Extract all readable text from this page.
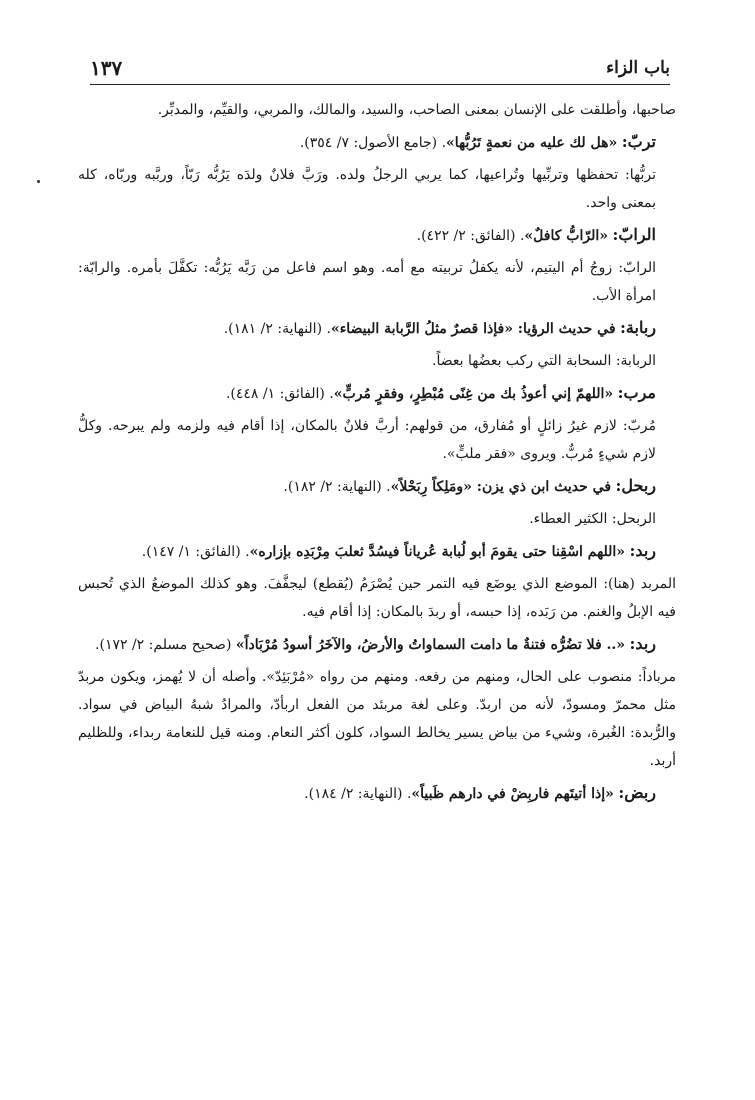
باب الزاء
١٣٧

صاحبها، وأطلقت على الإنسان بمعنى الصاحب، والسيد، والمالك، والمربي، والقيِّم، والمدبِّر.

تربّ: «هل لك عليه من نعمةٍ تَرُبُّها». (جامع الأصول: ٧/ ٣٥٤).

تربُّها: تحفظها وتربِّيها وتُراعيها، كما يربي الرجلُ ولده. ورَبَّ فلانٌ ولدَه يَرُبُّه رَبّاً، وربَّبه وربّاه، كله بمعنى واحد.

الرابّ: «الرّابُّ كافلٌ». (الفائق: ٢/ ٤٢٢).

الرابّ: زوجُ أم اليتيم، لأنه يكفلُ تربيته مع أمه. وهو اسم فاعل من رَبَّه يَرُبُّه: تكفَّلَ بأمره. والرابّة: امرأة الأب.

ربابة: في حديث الرؤيا: «فإذا قصرٌ مثلُ الرَّبابة البيضاء». (النهاية: ٢/ ١٨١).

الربابة: السحابة التي ركب بعضُها بعضاً.

مرب: «اللهمّ إني أعوذُ بك من غِنًى مُبْطِرٍ، وفقرٍ مُربٍّ». (الفائق: ١/ ٤٤٨).

مُربّ: لازم غيرُ زائلٍ أو مُفارق، من قولهم: أربَّ فلانٌ بالمكان، إذا أقام فيه ولزمه ولم يبرحه. وكلُّ لازم شيءٍ مُربٌّ. ويروى «فقر ملبٍّ».

ربحل: في حديث ابن ذي يزن: «ومَلِكاً رِبَحْلاً». (النهاية: ٢/ ١٨٢).

الربحل: الكثير العطاء.

ربد: «اللهم اسْقِنا حتى يقومَ أبو لُبابة عُرياناً فيسُدَّ ثعلبَ مِرْبَدِه بإزاره». (الفائق: ١/ ١٤٧).

المربد (هنا): الموضع الذي يوضَع فيه التمر حين يُصْرَمُ (يُقطع) ليجفَّفَ. وهو كذلك الموضعُ الذي تُحبس فيه الإبلُ والغنم. من رَبَده، إذا حبسه، أو ربدَ بالمكان: إذا أقام فيه.

ربد: «.. فلا تضُرُّه فتنةٌ ما دامت السماواتُ والأرضُ، والآخَرُ أسودُ مُرْبَاداً» (صحيح مسلم: ٢/ ١٧٢).

مرباداً: منصوب على الحال، ومنهم من رفعه. ومنهم من رواه «مُرْبَئِدّ». وأصله أن لا يُهمز، ويكون مربدّ مثل محمرّ ومسودّ، لأنه من اربدّ. وعلى لغة مربئد من الفعل اربأدّ، والمرادُ شبهُ البياض في سواد. والرُّبدة: الغُبرة، وشيء من بياض يسير يخالط السواد، كلون أكثر النعام. ومنه قيل للنعامة ربداء، وللظليم أربد.

ربض: «إذا أتيتَهم فاربِضْ في دارهم ظَبياً». (النهاية: ٢/ ١٨٤).
